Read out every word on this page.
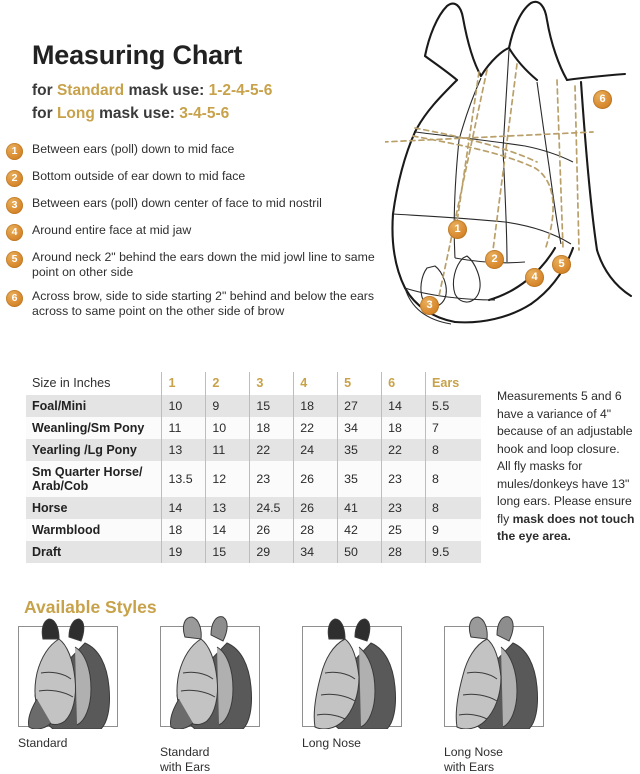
Measuring Chart
for Standard mask use: 1-2-4-5-6
for Long mask use: 3-4-5-6
1	Between ears (poll) down to mid face
2	Bottom outside of ear down to mid face
3	Between ears (poll) down center of face to mid nostril
4	Around entire face at mid jaw
5	Around neck 2" behind the ears down the mid jowl line to same point on other side
6	Across brow, side to side starting 2" behind and below the ears across to same point on the other side of brow
1
2
3
4
5
6
Size in Inches	1	2	3	4	5	6	Ears
Foal/Mini	10	9	15	18	27	14	5.5
Weanling/Sm Pony	11	10	18	22	34	18	7
Yearling /Lg Pony	13	11	22	24	35	22	8
Sm Quarter Horse/ Arab/Cob	13.5	12	23	26	35	23	8
Horse	14	13	24.5	26	41	23	8
Warmblood	18	14	26	28	42	25	9
Draft	19	15	29	34	50	28	9.5
Measurements 5 and 6 have a variance of 4" because of an adjustable hook and loop closure. All fly masks for mules/donkeys have 13" long ears. Please ensure fly mask does not touch the eye area.
Available Styles
Standard
Standard
with Ears
Long Nose
Long Nose
with Ears
